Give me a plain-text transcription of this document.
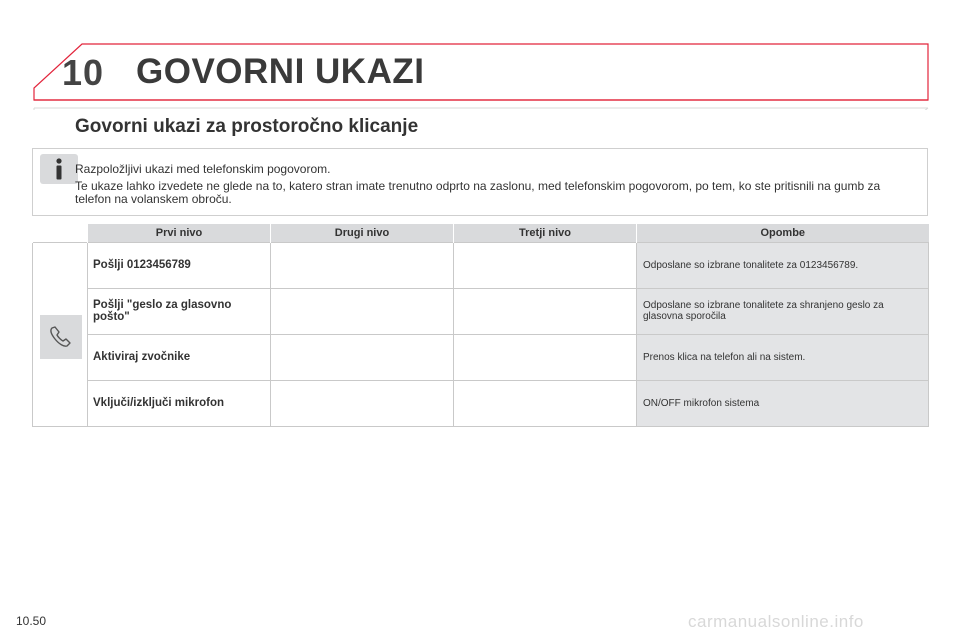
10 GOVORNI UKAZI
Govorni ukazi za prostoročno klicanje
Razpoložljivi ukazi med telefonskim pogovorom.
Te ukaze lahko izvedete ne glede na to, katero stran imate trenutno odprto na zaslonu, med telefonskim pogovorom, po tem, ko ste pritisnili na gumb za telefon na volanskem obroču.
	Prvi nivo	Drugi nivo	Tretji nivo	Opombe

	Pošlji 0123456789			Odposlane so izbrane tonalitete za 0123456789.
	Pošlji "geslo za glasovno pošto"			Odposlane so izbrane tonalitete za shranjeno geslo za glasovna sporočila
	Aktiviraj zvočnike			Prenos klica na telefon ali na sistem.
	Vključi/izključi mikrofon			ON/OFF mikrofon sistema
10.50	carmanualsonline.info
